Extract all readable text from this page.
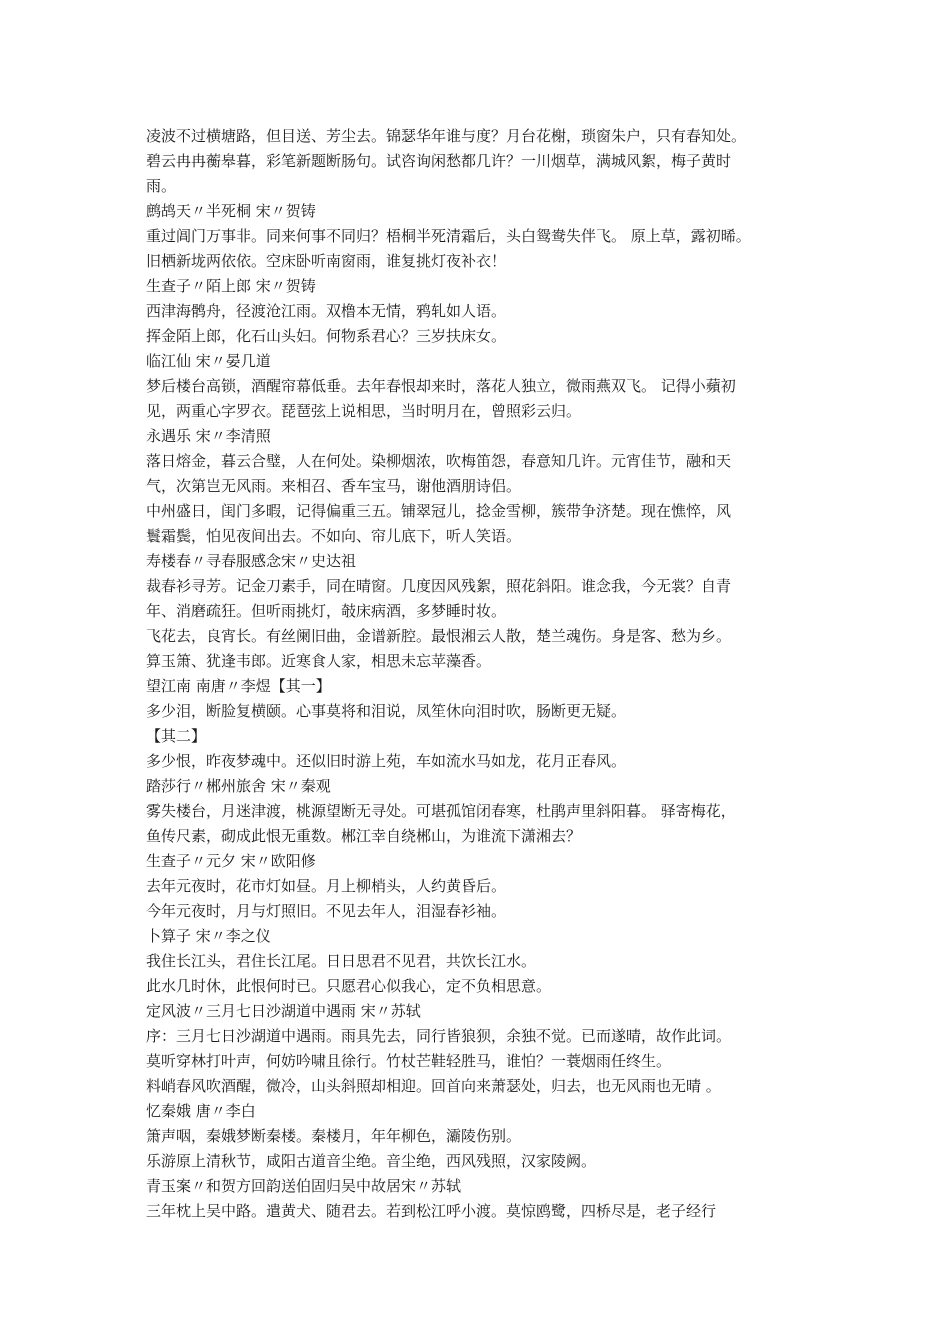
凌波不过横塘路，但目送、芳尘去。锦瑟华年谁与度？月台花榭，琐窗朱户，只有春知处。
碧云冉冉蘅皋暮，彩笔新题断肠句。试咨询闲愁都几许？一川烟草，满城风絮，梅子黄时
雨。
鹧鸪天〃半死桐 宋〃贺铸
重过阊门万事非。同来何事不同归？梧桐半死清霜后，头白鸳鸯失伴飞。 原上草，露初晞。
旧栖新垅两依依。空床卧听南窗雨，谁复挑灯夜补衣！
生查子〃陌上郎 宋〃贺铸
西津海鹘舟，径渡沧江雨。双橹本无情，鸦轧如人语。
挥金陌上郎，化石山头妇。何物系君心？三岁扶床女。
临江仙 宋〃晏几道
梦后楼台高锁，酒醒帘幕低垂。去年春恨却来时，落花人独立，微雨燕双飞。 记得小蘋初
见，两重心字罗衣。琵琶弦上说相思，当时明月在，曾照彩云归。
永遇乐 宋〃李清照
落日熔金，暮云合璧，人在何处。染柳烟浓，吹梅笛怨，春意知几许。元宵佳节，融和天
气，次第岂无风雨。来相召、香车宝马，谢他酒朋诗侣。
中州盛日，闺门多暇，记得偏重三五。铺翠冠儿，捻金雪柳，簇带争济楚。现在憔悴，风
鬟霜鬓，怕见夜间出去。不如向、帘儿底下，听人笑语。
寿楼春〃寻春服感念宋〃史达祖
裁春衫寻芳。记金刀素手，同在晴窗。几度因风残絮，照花斜阳。谁念我，今无裳？自青
年、消磨疏狂。但听雨挑灯，攲床病酒，多梦睡时妆。
飞花去，良宵长。有丝阑旧曲，金谱新腔。最恨湘云人散，楚兰魂伤。身是客、愁为乡。
算玉箫、犹逢韦郎。近寒食人家，相思未忘苹藻香。
望江南 南唐〃李煜【其一】
多少泪，断脸复横颐。心事莫将和泪说，凤笙休向泪时吹，肠断更无疑。
【其二】
多少恨，昨夜梦魂中。还似旧时游上苑，车如流水马如龙，花月正春风。
踏莎行〃郴州旅舍 宋〃秦观
雾失楼台，月迷津渡，桃源望断无寻处。可堪孤馆闭春寒，杜鹃声里斜阳暮。 驿寄梅花，
鱼传尺素，砌成此恨无重数。郴江幸自绕郴山，为谁流下潇湘去？
生查子〃元夕 宋〃欧阳修
去年元夜时，花市灯如昼。月上柳梢头，人约黄昏后。
今年元夜时，月与灯照旧。不见去年人，泪湿春衫袖。
卜算子 宋〃李之仪
我住长江头，君住长江尾。日日思君不见君，共饮长江水。
此水几时休，此恨何时已。只愿君心似我心，定不负相思意。
定风波〃三月七日沙湖道中遇雨 宋〃苏轼
序：三月七日沙湖道中遇雨。雨具先去，同行皆狼狈，余独不觉。已而遂晴，故作此词。
莫听穿林打叶声，何妨吟啸且徐行。竹杖芒鞋轻胜马，谁怕？一蓑烟雨任终生。
料峭春风吹酒醒，微冷，山头斜照却相迎。回首向来萧瑟处，归去，也无风雨也无晴 。
忆秦娥 唐〃李白
箫声咽，秦娥梦断秦楼。秦楼月，年年柳色，灞陵伤别。
乐游原上清秋节，咸阳古道音尘绝。音尘绝，西风残照，汉家陵阙。
青玉案〃和贺方回韵送伯固归吴中故居宋〃苏轼
三年枕上吴中路。遣黄犬、随君去。若到松江呼小渡。莫惊鸥鹭，四桥尽是，老子经行
